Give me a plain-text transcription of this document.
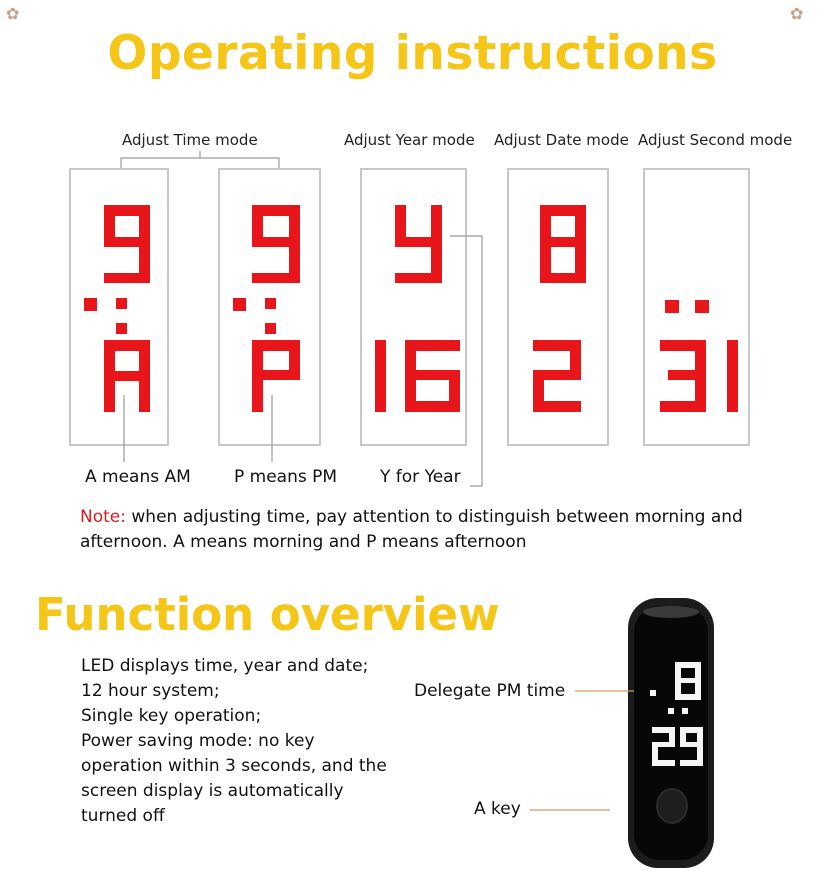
✿	✿
Operating instructions
Adjust Time mode	Adjust Year mode Adjust Date mode Adjust Second mode
A means AM	P means PM	Y for Year
Note: when adjusting time, pay attention to distinguish between morning and afternoon. A means morning and P means afternoon
Function overview
LED displays time, year and date;
12 hour system;
Single key operation;
Power saving mode: no key operation within 3 seconds, and the screen display is automatically turned off
Delegate PM time
A key
